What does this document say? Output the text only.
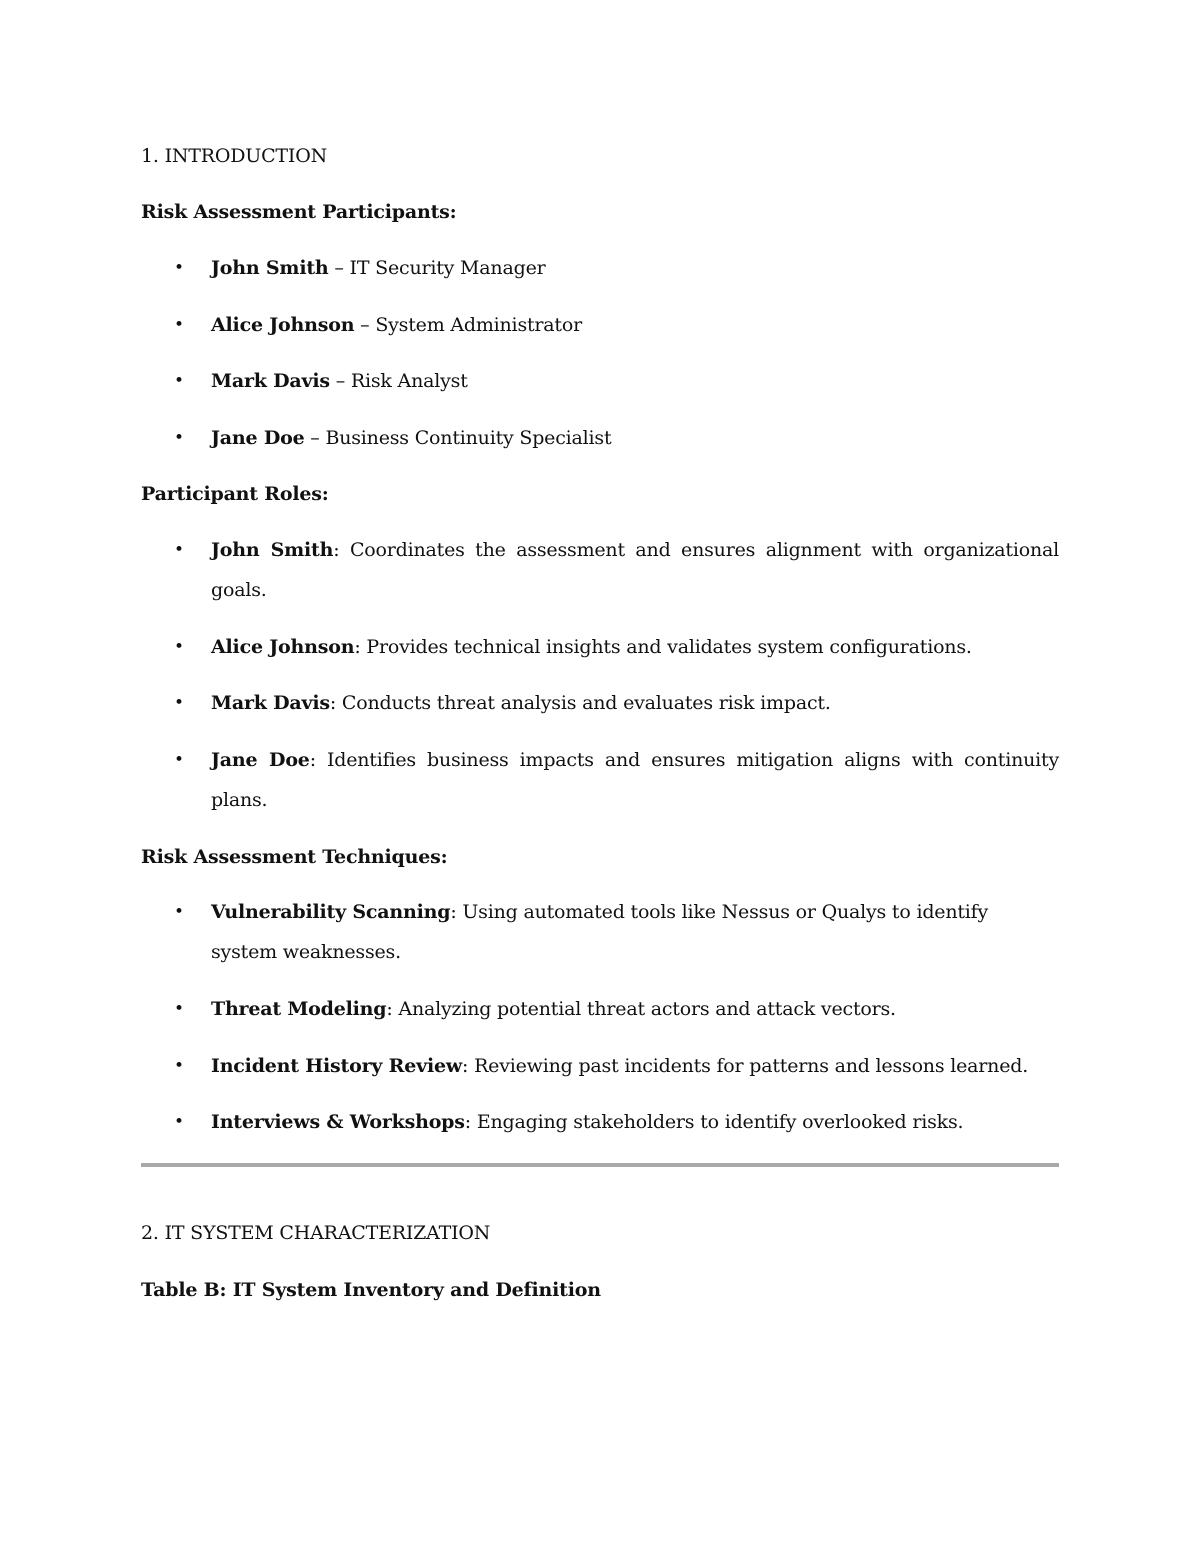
1. INTRODUCTION
Risk Assessment Participants:
• John Smith – IT Security Manager
• Alice Johnson – System Administrator
• Mark Davis – Risk Analyst
• Jane Doe – Business Continuity Specialist
Participant Roles:
• John Smith: Coordinates the assessment and ensures alignment with organizational goals.
• Alice Johnson: Provides technical insights and validates system configurations.
• Mark Davis: Conducts threat analysis and evaluates risk impact.
• Jane Doe: Identifies business impacts and ensures mitigation aligns with continuity plans.
Risk Assessment Techniques:
• Vulnerability Scanning: Using automated tools like Nessus or Qualys to identify system weaknesses.
• Threat Modeling: Analyzing potential threat actors and attack vectors.
• Incident History Review: Reviewing past incidents for patterns and lessons learned.
• Interviews & Workshops: Engaging stakeholders to identify overlooked risks.
2. IT SYSTEM CHARACTERIZATION
Table B: IT System Inventory and Definition
